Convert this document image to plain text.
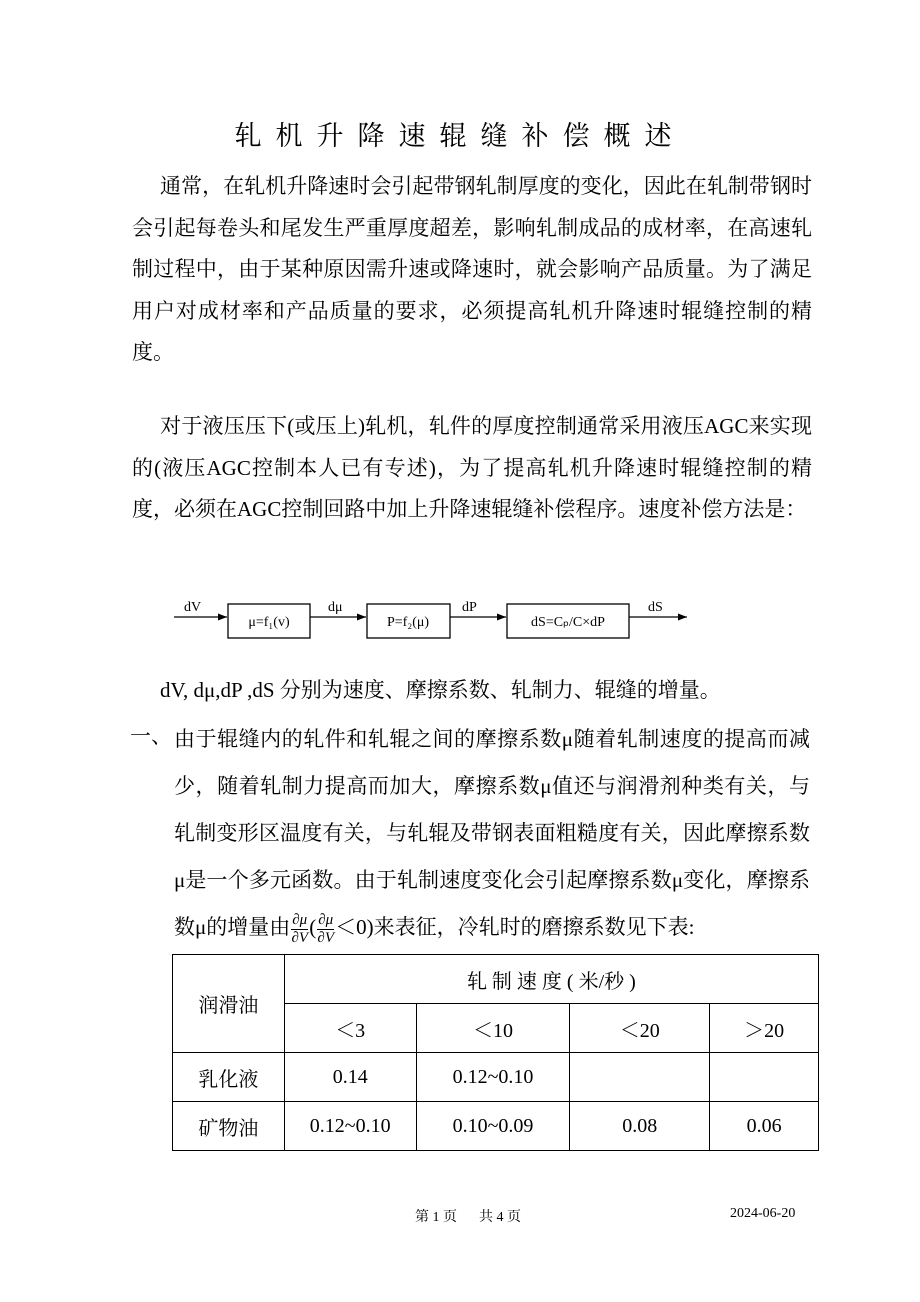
轧机升降速辊缝补偿概述

通常，在轧机升降速时会引起带钢轧制厚度的变化，因此在轧制带钢时会引起每卷头和尾发生严重厚度超差，影响轧制成品的成材率，在高速轧制过程中，由于某种原因需升速或降速时，就会影响产品质量。为了满足用户对成材率和产品质量的要求，必须提高轧机升降速时辊缝控制的精度。

对于液压压下(或压上)轧机，轧件的厚度控制通常采用液压AGC来实现的(液压AGC控制本人已有专述)，为了提高轧机升降速时辊缝控制的精度，必须在AGC控制回路中加上升降速辊缝补偿程序。速度补偿方法是：

dV
μ=f₁(v)
dμ
P=f₂(μ)
dP
dS=Cₚ/C×dP
dS
dV, dμ,dP ,dS 分别为速度、摩擦系数、轧制力、辊缝的增量。
一、 由于辊缝内的轧件和轧辊之间的摩擦系数μ随着轧制速度的提高而减少，随着轧制力提高而加大，摩擦系数μ值还与润滑剂种类有关，与轧制变形区温度有关，与轧辊及带钢表面粗糙度有关，因此摩擦系数μ是一个多元函数。由于轧制速度变化会引起摩擦系数μ变化，摩擦系数μ的增量由 $\frac{\partial\mu}{\partial V}$ ( $\frac{\partial\mu}{\partial V} <0$)来表征，冷轧时的磨擦系数见下表:

润滑油	轧 制 速 度 ( 米/秒 )			
	＜3	＜10	＜20	＞20
乳化液	0.14	0.12~0.10		
矿物油	0.12~0.10	0.10~0.09	0.08	0.06
第 1 页 共 4 页	2024-06-20
